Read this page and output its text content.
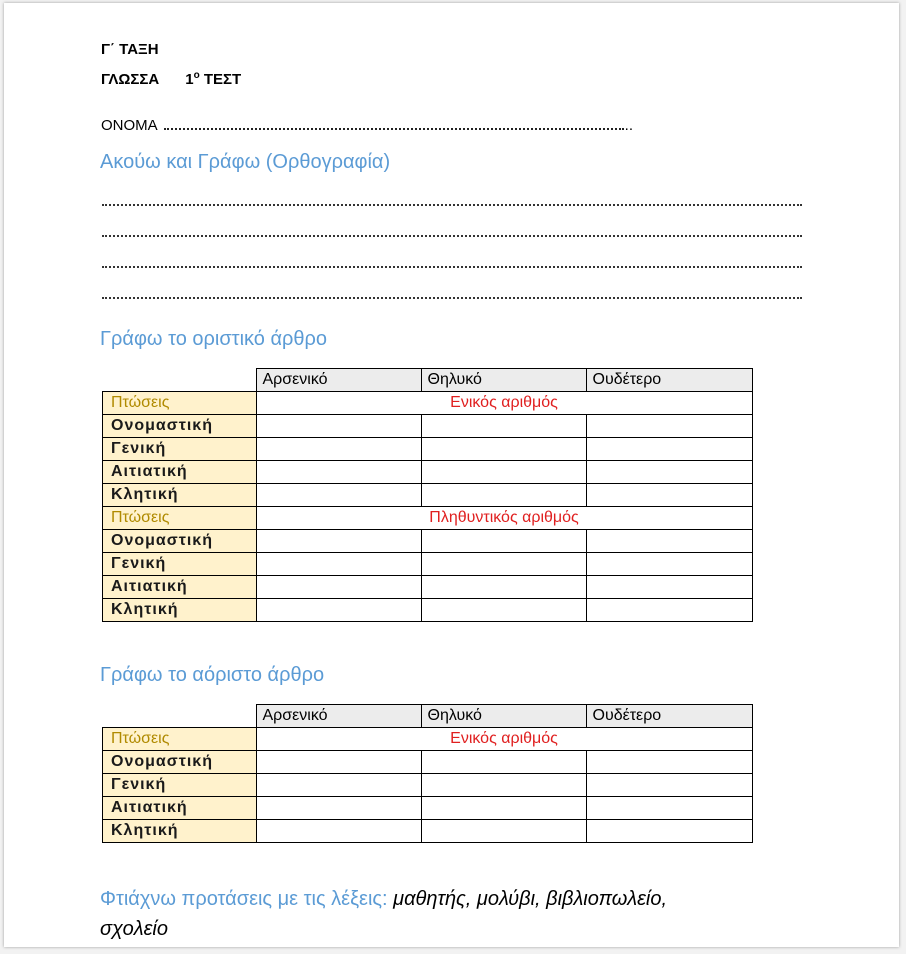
Γ΄ ΤΑΞΗ
ΓΛΩΣΣΑ $1^o$ ΤΕΣΤ
ΟΝΟΜΑ	..
Ακούω και Γράφω (Ορθογραφία)
Γράφω το οριστικό άρθρο
	Αρσενικό	Θηλυκό	Ουδέτερο
Πτώσεις	Ενικός αριθμός		
Ονομαστική			
Γενική			
Αιτιατική			
Κλητική			
Πτώσεις	Πληθυντικός αριθμός		
Ονομαστική			
Γενική			
Αιτιατική			
Κλητική			
Γράφω το αόριστο άρθρο
	Αρσενικό	Θηλυκό	Ουδέτερο
Πτώσεις	Ενικός αριθμός		
Ονομαστική			
Γενική			
Αιτιατική			
Κλητική			
Φτιάχνω προτάσεις με τις λέξεις: μαθητής, μολύβι, βιβλιοπωλείο,
σχολείο
